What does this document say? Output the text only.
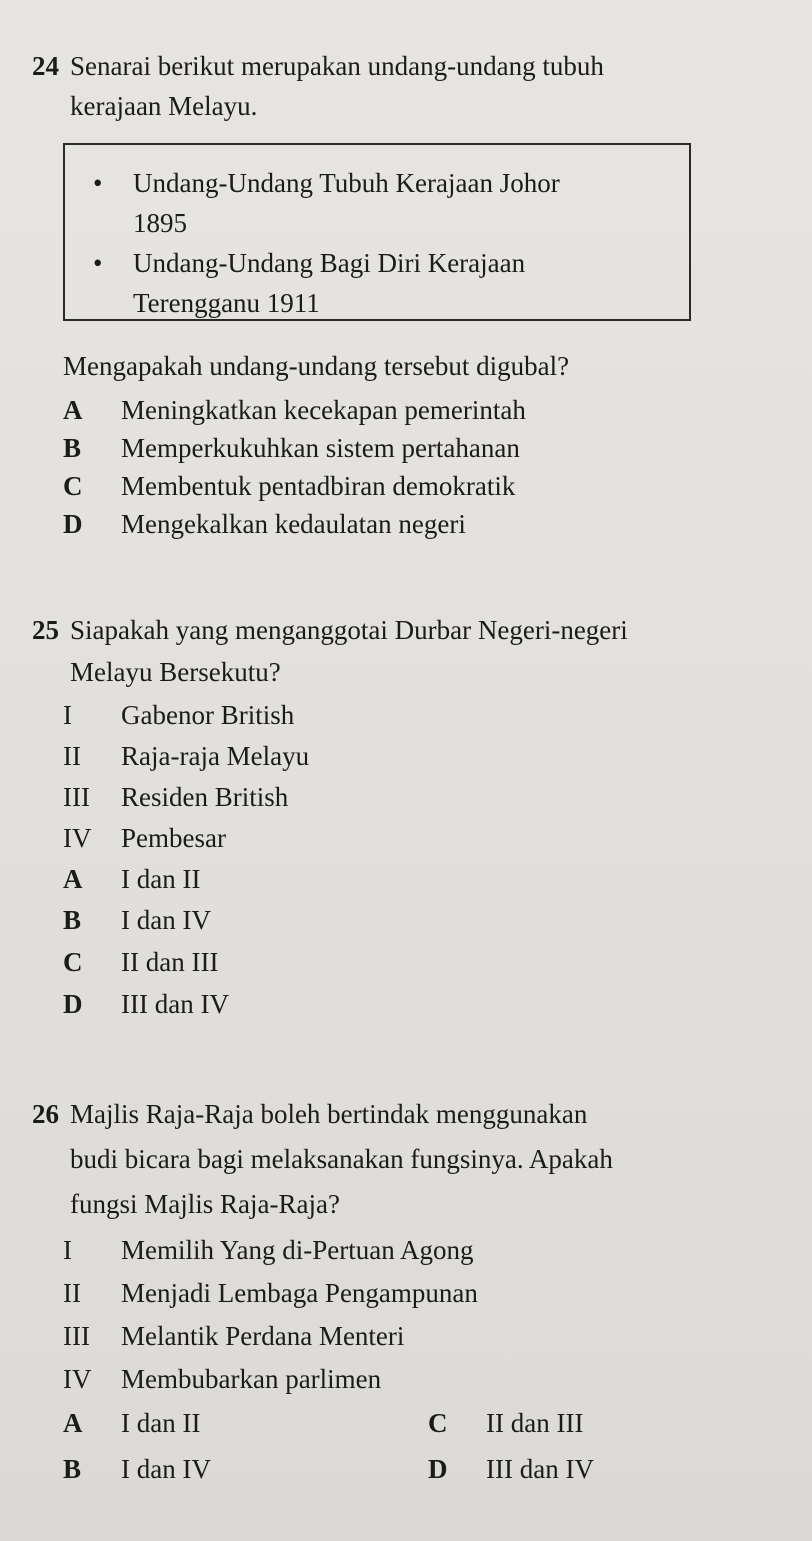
24 Senarai berikut merupakan undang-undang tubuh
kerajaan Melayu.
•	Undang-Undang Tubuh Kerajaan Johor
1895
•	Undang-Undang Bagi Diri Kerajaan
Terengganu 1911
Mengapakah undang-undang tersebut digubal?
A Meningkatkan kecekapan pemerintah
B Memperkukuhkan sistem pertahanan
C Membentuk pentadbiran demokratik
D Mengekalkan kedaulatan negeri
25 Siapakah yang menganggotai Durbar Negeri-negeri
Melayu Bersekutu?
I Gabenor British
II Raja-raja Melayu
III Residen British
IV Pembesar
A I dan II
B I dan IV
C II dan III
D III dan IV
26 Majlis Raja-Raja boleh bertindak menggunakan
budi bicara bagi melaksanakan fungsinya. Apakah
fungsi Majlis Raja-Raja?
I Memilih Yang di-Pertuan Agong
II Menjadi Lembaga Pengampunan
III Melantik Perdana Menteri
IV Membubarkan parlimen
A I dan II
B I dan IV
C II dan III
D III dan IV
